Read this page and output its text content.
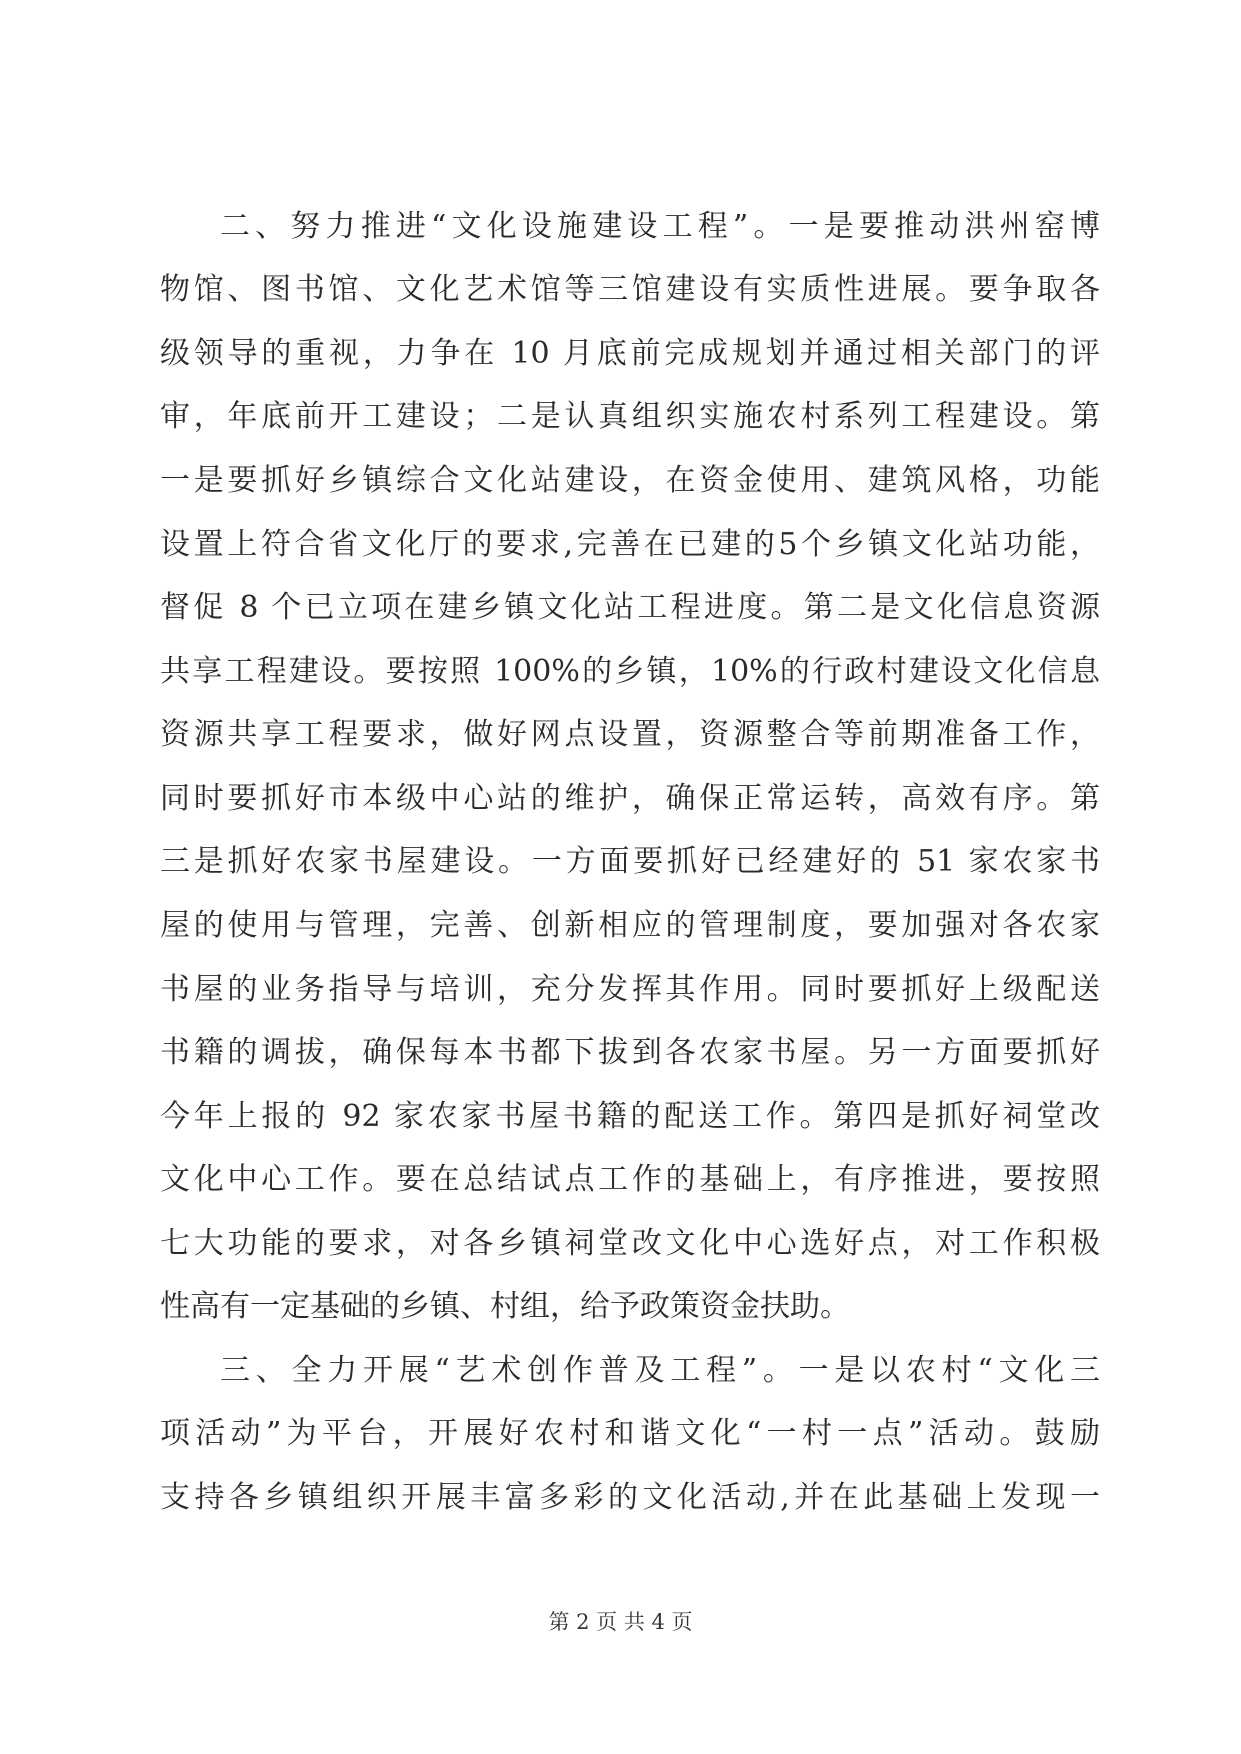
二、努力推进“文化设施建设工程”。一是要推动洪州窑博
物馆、图书馆、文化艺术馆等三馆建设有实质性进展。要争取各
级领导的重视，力争在 10 月底前完成规划并通过相关部门的评
审，年底前开工建设；二是认真组织实施农村系列工程建设。第
一是要抓好乡镇综合文化站建设，在资金使用、建筑风格，功能
设置上符合省文化厅的要求,完善在已建的5个乡镇文化站功能，
督促 8 个已立项在建乡镇文化站工程进度。第二是文化信息资源
共享工程建设。要按照 100%的乡镇，10%的行政村建设文化信息
资源共享工程要求，做好网点设置，资源整合等前期准备工作，
同时要抓好市本级中心站的维护，确保正常运转，高效有序。第
三是抓好农家书屋建设。一方面要抓好已经建好的 51 家农家书
屋的使用与管理，完善、创新相应的管理制度，要加强对各农家
书屋的业务指导与培训，充分发挥其作用。同时要抓好上级配送
书籍的调拔，确保每本书都下拔到各农家书屋。另一方面要抓好
今年上报的 92 家农家书屋书籍的配送工作。第四是抓好祠堂改
文化中心工作。要在总结试点工作的基础上，有序推进，要按照
七大功能的要求，对各乡镇祠堂改文化中心选好点，对工作积极
性高有一定基础的乡镇、村组，给予政策资金扶助。
三、全力开展“艺术创作普及工程”。一是以农村“文化三
项活动”为平台，开展好农村和谐文化“一村一点”活动。鼓励
支持各乡镇组织开展丰富多彩的文化活动,并在此基础上发现一
第 2 页 共 4 页
